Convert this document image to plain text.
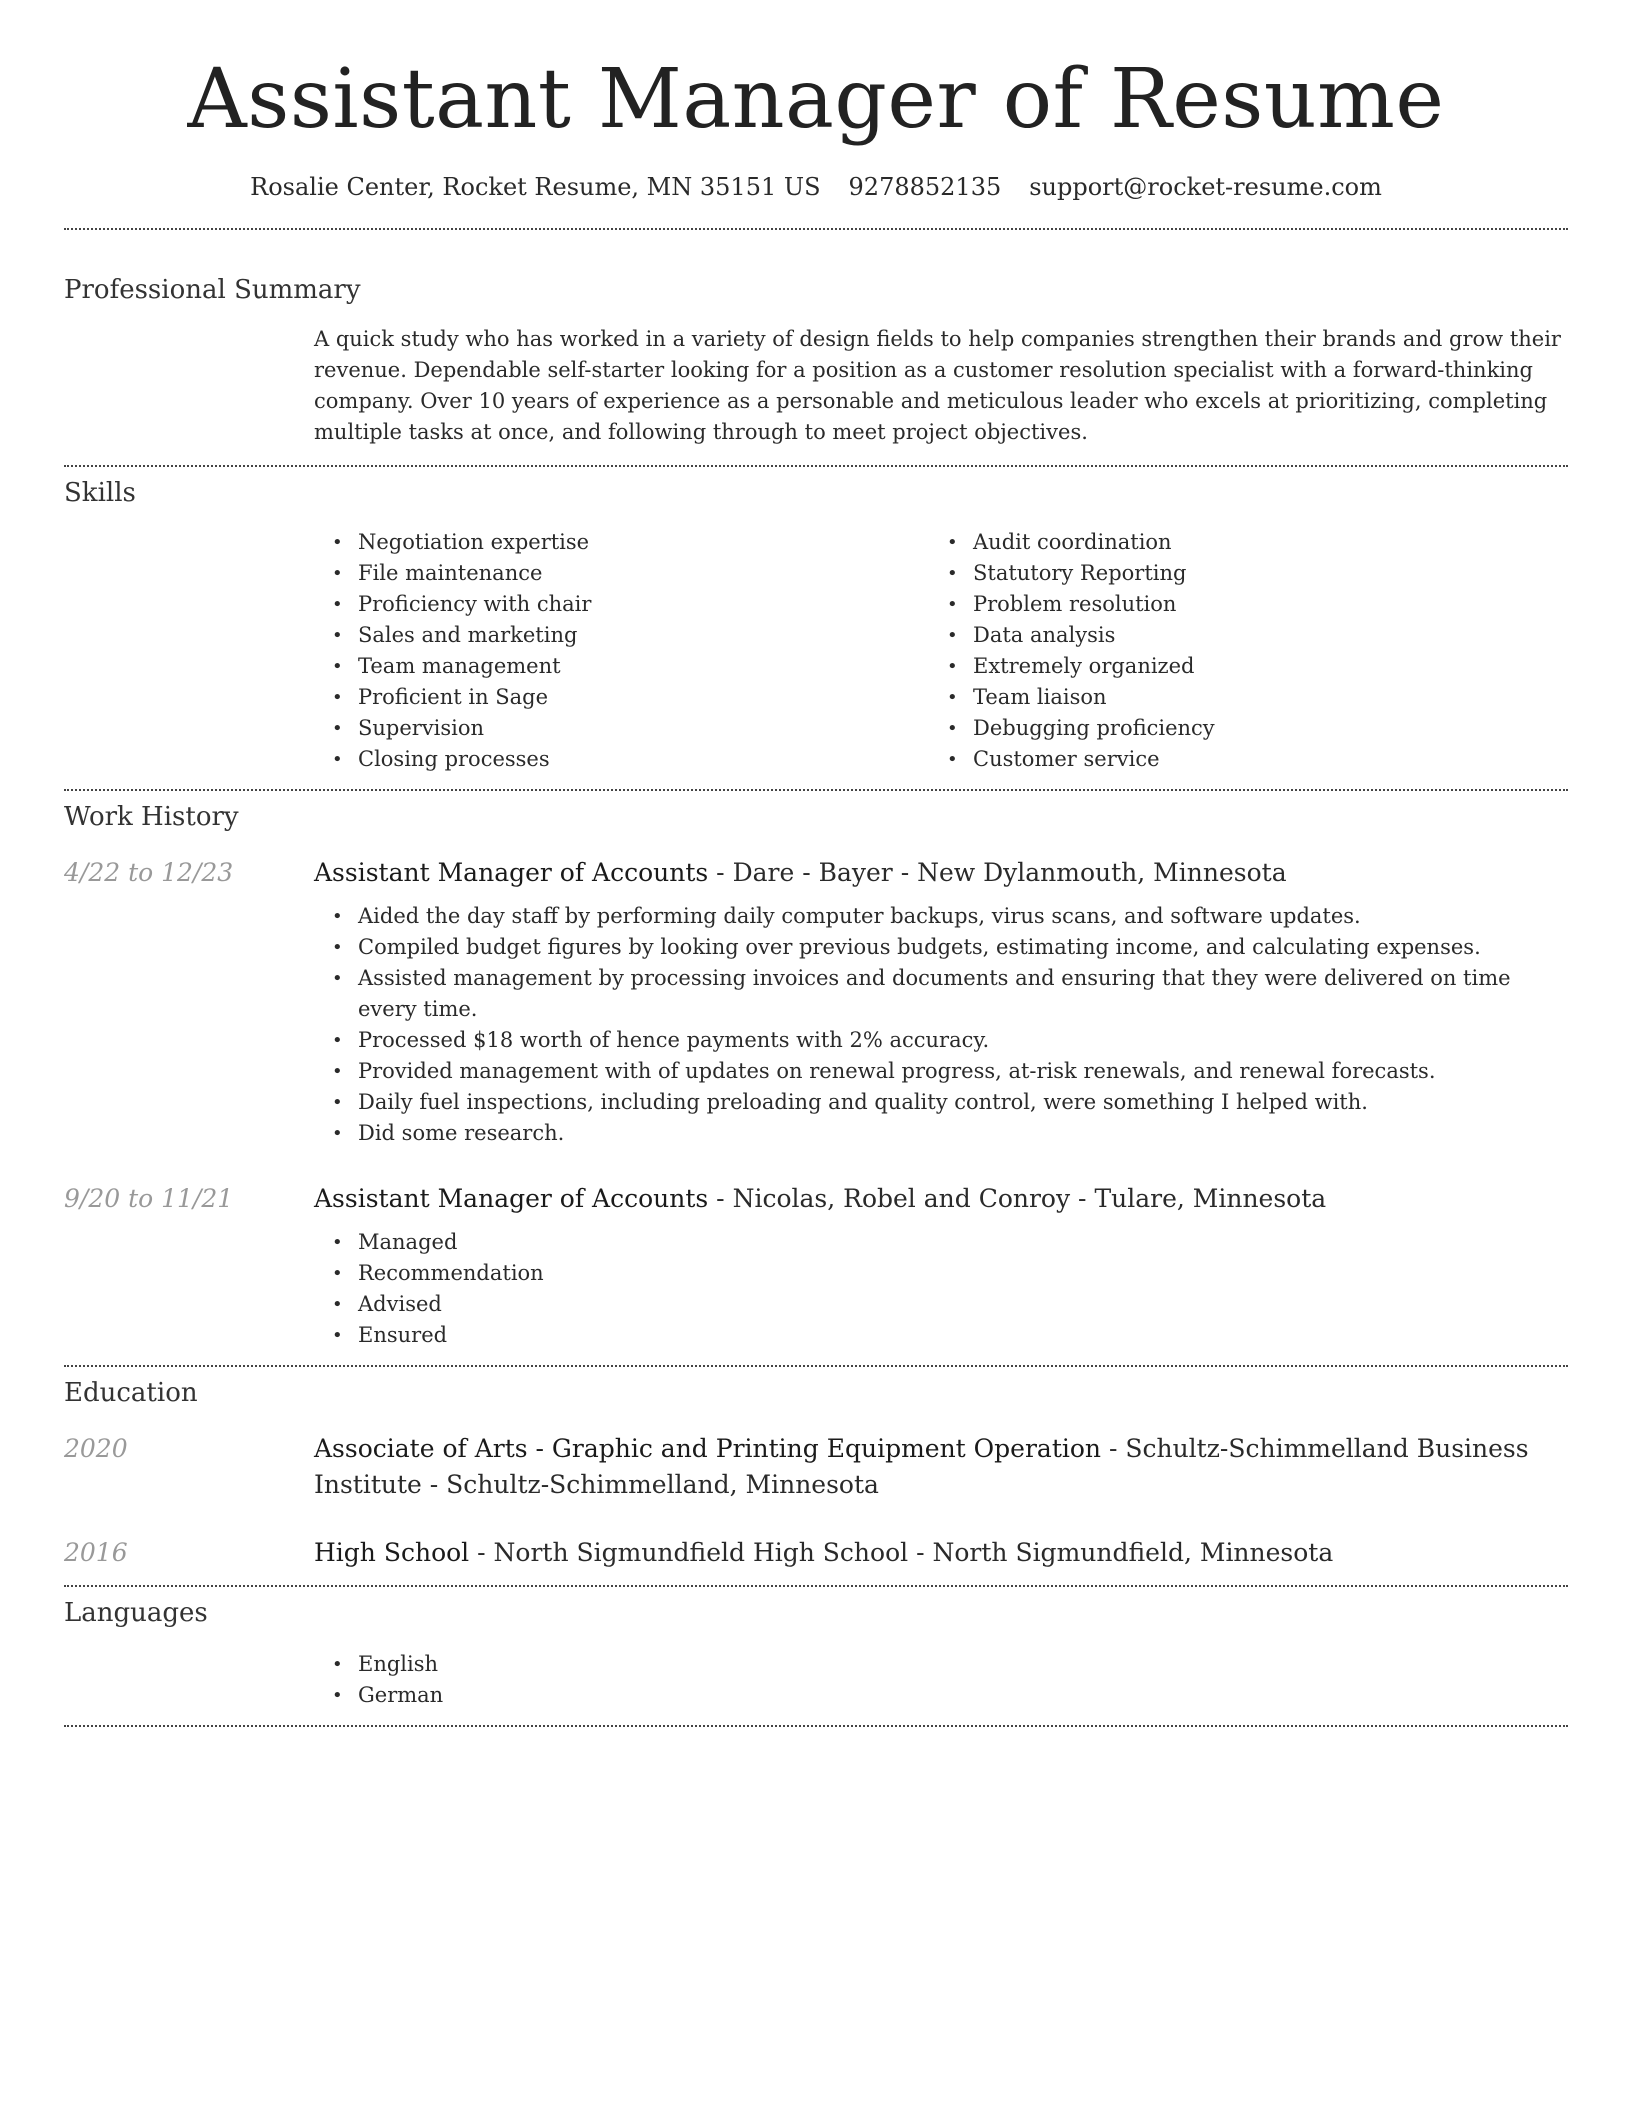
Assistant Manager of Resume
Rosalie Center, Rocket Resume, MN 35151 US 9278852135 support@rocket-resume.com
Professional Summary
A quick study who has worked in a variety of design fields to help companies strengthen their brands and grow their revenue. Dependable self-starter looking for a position as a customer resolution specialist with a forward-thinking company. Over 10 years of experience as a personable and meticulous leader who excels at prioritizing, completing multiple tasks at once, and following through to meet project objectives.
Skills
• Negotiation expertise
• File maintenance
• Proficiency with chair
• Sales and marketing
• Team management
• Proficient in Sage
• Supervision
• Closing processes
• Audit coordination
• Statutory Reporting
• Problem resolution
• Data analysis
• Extremely organized
• Team liaison
• Debugging proficiency
• Customer service
Work History
4/22 to 12/23	Assistant Manager of Accounts - Dare - Bayer - New Dylanmouth, Minnesota
• Aided the day staff by performing daily computer backups, virus scans, and software updates.
• Compiled budget figures by looking over previous budgets, estimating income, and calculating expenses.
• Assisted management by processing invoices and documents and ensuring that they were delivered on time every time.
• Processed $18 worth of hence payments with 2% accuracy.
• Provided management with of updates on renewal progress, at-risk renewals, and renewal forecasts.
• Daily fuel inspections, including preloading and quality control, were something I helped with.
• Did some research.
9/20 to 11/21	Assistant Manager of Accounts - Nicolas, Robel and Conroy - Tulare, Minnesota
• Managed
• Recommendation
• Advised
• Ensured
Education
2020	Associate of Arts - Graphic and Printing Equipment Operation - Schultz-Schimmelland Business
Institute - Schultz-Schimmelland, Minnesota
2016	High School - North Sigmundfield High School - North Sigmundfield, Minnesota
Languages
• English
• German
